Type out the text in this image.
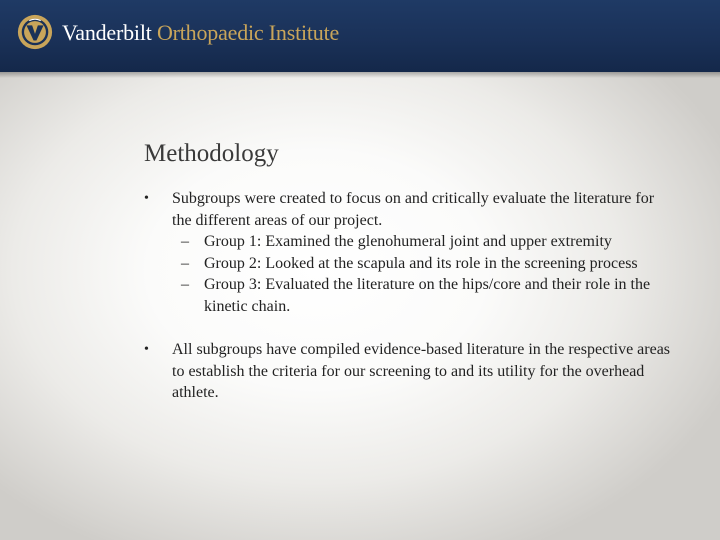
Vanderbilt Orthopaedic Institute
Methodology
•	Subgroups were created to focus on and critically evaluate the literature for the different areas of our project.
– Group 1: Examined the glenohumeral joint and upper extremity
– Group 2: Looked at the scapula and its role in the screening process
– Group 3: Evaluated the literature on the hips/core and their role in the kinetic chain.
•	All subgroups have compiled evidence-based literature in the respective areas to establish the criteria for our screening to and its utility for the overhead athlete.
